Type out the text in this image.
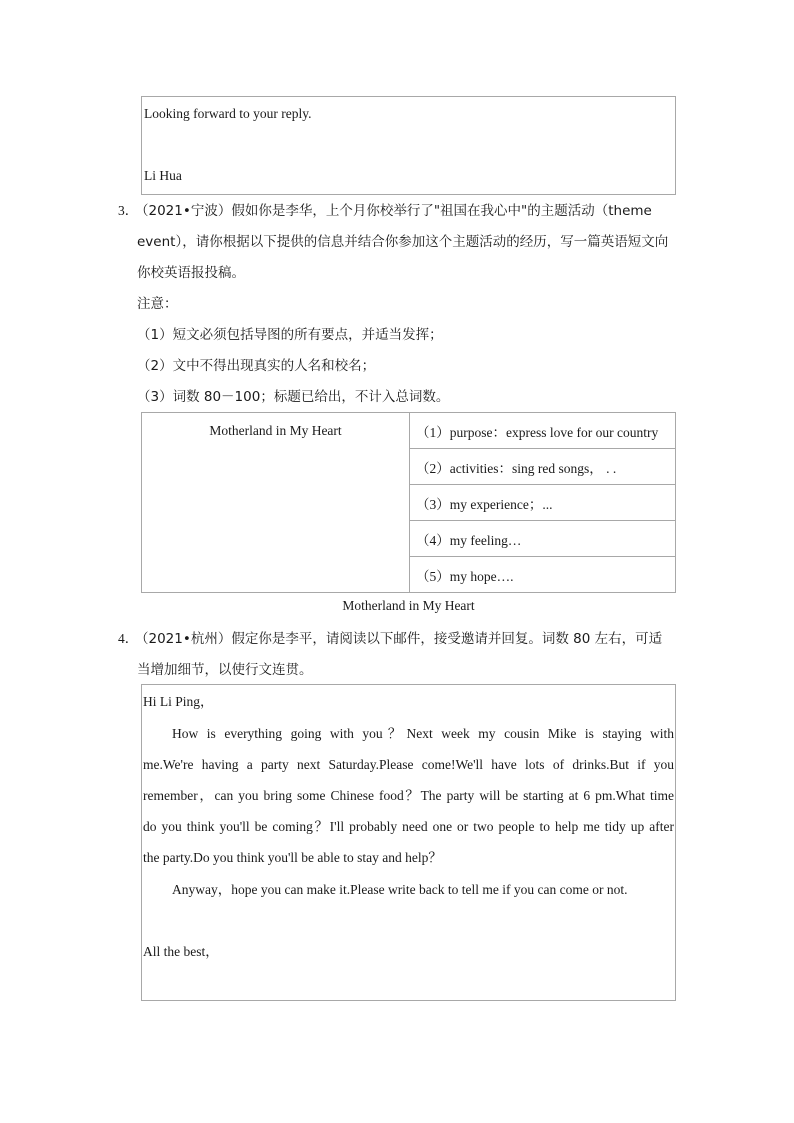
Looking forward to your reply.
Li Hua
3．
（2021•宁波）假如你是李华，上个月你校举行了"祖国在我心中"的主题活动（theme
event），请你根据以下提供的信息并结合你参加这个主题活动的经历，写一篇英语短文向
你校英语报投稿。
注意：
（1）短文必须包括导图的所有要点，并适当发挥；
（2）文中不得出现真实的人名和校名；
（3）词数 80－100；标题已给出，不计入总词数。
Motherland in My Heart	（1）purpose：express love for our country
（2）activities：sing red songs， . .
（3）my experience；...
（4）my feeling…
（5）my hope….
Motherland in My Heart
4．
（2021•杭州）假定你是李平，请阅读以下邮件，接受邀请并回复。词数 80 左右，可适
当增加细节，以使行文连贯。
Hi Li Ping，
How is everything going with you？Next week my cousin Mike is staying with
me.We're having a party next Saturday.Please come!We'll have lots of drinks.But if you
remember，can you bring some Chinese food？The party will be starting at 6 pm.What time
do you think you'll be coming？I'll probably need one or two people to help me tidy up after
the party.Do you think you'll be able to stay and help？
Anyway，hope you can make it.Please write back to tell me if you can come or not.
All the best，
